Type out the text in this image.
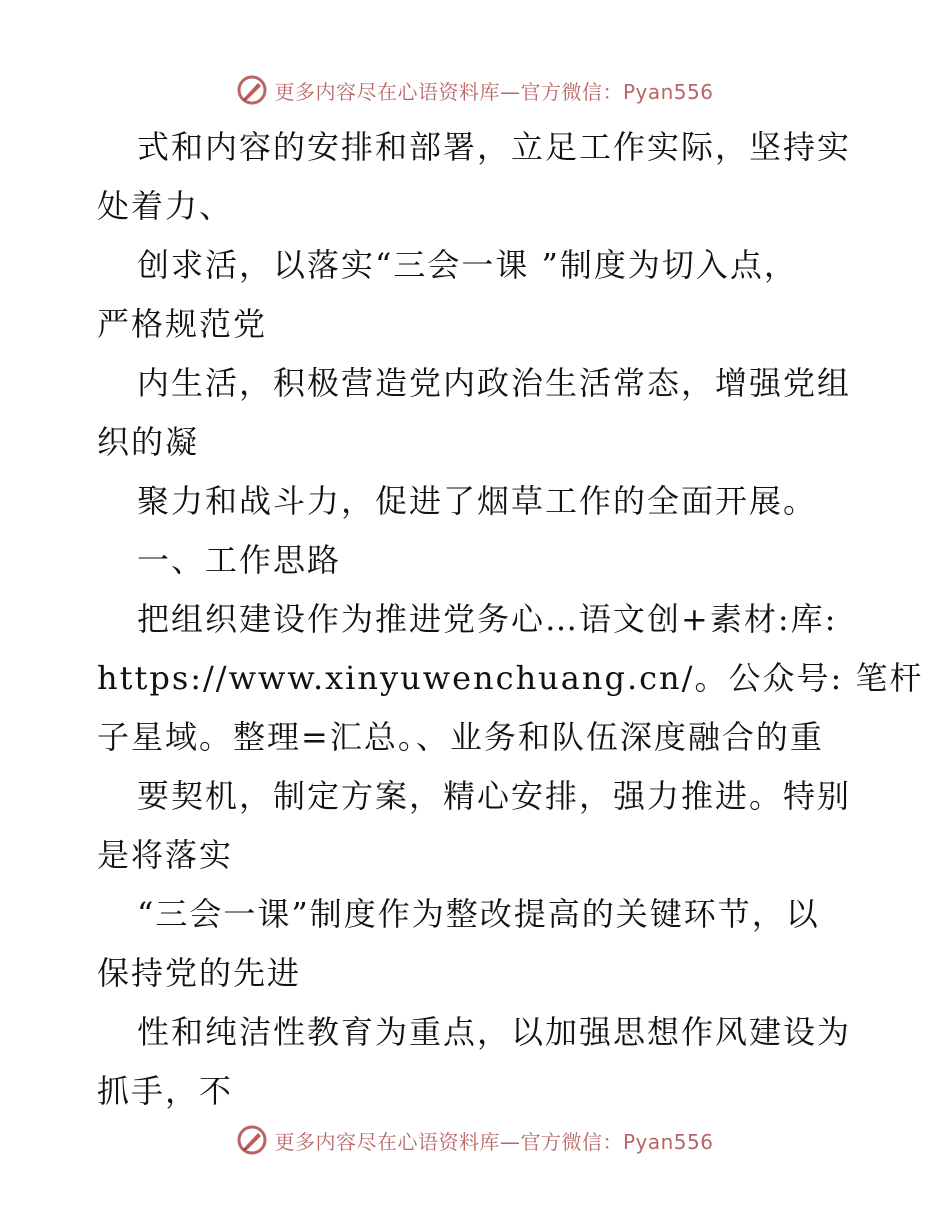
更多内容尽在心语资料库—官方微信：Pyan556
式和内容的安排和部署，立足工作实际，坚持实
处着力、
创求活，以落实“三会一课 ”制度为切入点，
严格规范党
内生活，积极营造党内政治生活常态，增强党组
织的凝
聚力和战斗力，促进了烟草工作的全面开展。
一、工作思路
把组织建设作为推进党务心…语文创+素材:库:
https://www.xinyuwenchuang.cn/。公众号: 笔杆
子星域。整理=汇总。、业务和队伍深度融合的重
要契机，制定方案，精心安排，强力推进。特别
是将落实
“三会一课”制度作为整改提高的关键环节，以
保持党的先进
性和纯洁性教育为重点，以加强思想作风建设为
抓手，不
更多内容尽在心语资料库—官方微信：Pyan556
